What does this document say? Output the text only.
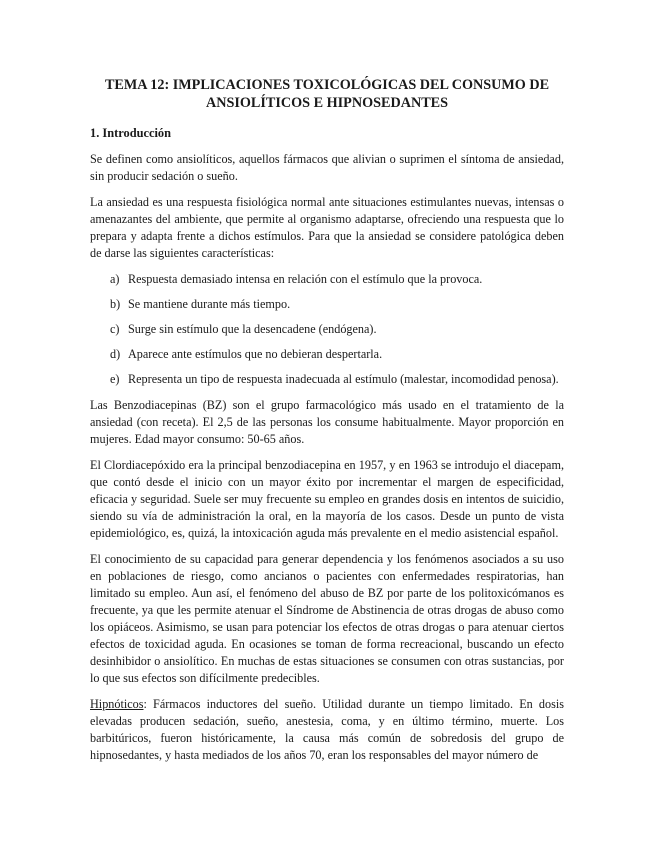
TEMA 12: IMPLICACIONES TOXICOLÓGICAS DEL CONSUMO DE
ANSIOLÍTICOS E HIPNOSEDANTES
1. Introducción

Se definen como ansiolíticos, aquellos fármacos que alivian o suprimen el síntoma de ansiedad, sin producir sedación o sueño.

La ansiedad es una respuesta fisiológica normal ante situaciones estimulantes nuevas, intensas o amenazantes del ambiente, que permite al organismo adaptarse, ofreciendo una respuesta que lo prepara y adapta frente a dichos estímulos. Para que la ansiedad se considere patológica deben de darse las siguientes características:

a) Respuesta demasiado intensa en relación con el estímulo que la provoca.
b) Se mantiene durante más tiempo.
c) Surge sin estímulo que la desencadene (endógena).
d) Aparece ante estímulos que no debieran despertarla.
e) Representa un tipo de respuesta inadecuada al estímulo (malestar, incomodidad penosa).

Las Benzodiacepinas (BZ) son el grupo farmacológico más usado en el tratamiento de la ansiedad (con receta). El 2,5 de las personas los consume habitualmente. Mayor proporción en mujeres. Edad mayor consumo: 50-65 años.

El Clordiacepóxido era la principal benzodiacepina en 1957, y en 1963 se introdujo el diacepam, que contó desde el inicio con un mayor éxito por incrementar el margen de especificidad, eficacia y seguridad. Suele ser muy frecuente su empleo en grandes dosis en intentos de suicidio, siendo su vía de administración la oral, en la mayoría de los casos. Desde un punto de vista epidemiológico, es, quizá, la intoxicación aguda más prevalente en el medio asistencial español.

El conocimiento de su capacidad para generar dependencia y los fenómenos asociados a su uso en poblaciones de riesgo, como ancianos o pacientes con enfermedades respiratorias, han limitado su empleo. Aun así, el fenómeno del abuso de BZ por parte de los politoxicómanos es frecuente, ya que les permite atenuar el Síndrome de Abstinencia de otras drogas de abuso como los opiáceos. Asimismo, se usan para potenciar los efectos de otras drogas o para atenuar ciertos efectos de toxicidad aguda. En ocasiones se toman de forma recreacional, buscando un efecto desinhibidor o ansiolítico. En muchas de estas situaciones se consumen con otras sustancias, por lo que sus efectos son difícilmente predecibles.

Hipnóticos: Fármacos inductores del sueño. Utilidad durante un tiempo limitado. En dosis elevadas producen sedación, sueño, anestesia, coma, y en último término, muerte. Los barbitúricos, fueron históricamente, la causa más común de sobredosis del grupo de hipnosedantes, y hasta mediados de los años 70, eran los responsables del mayor número de
